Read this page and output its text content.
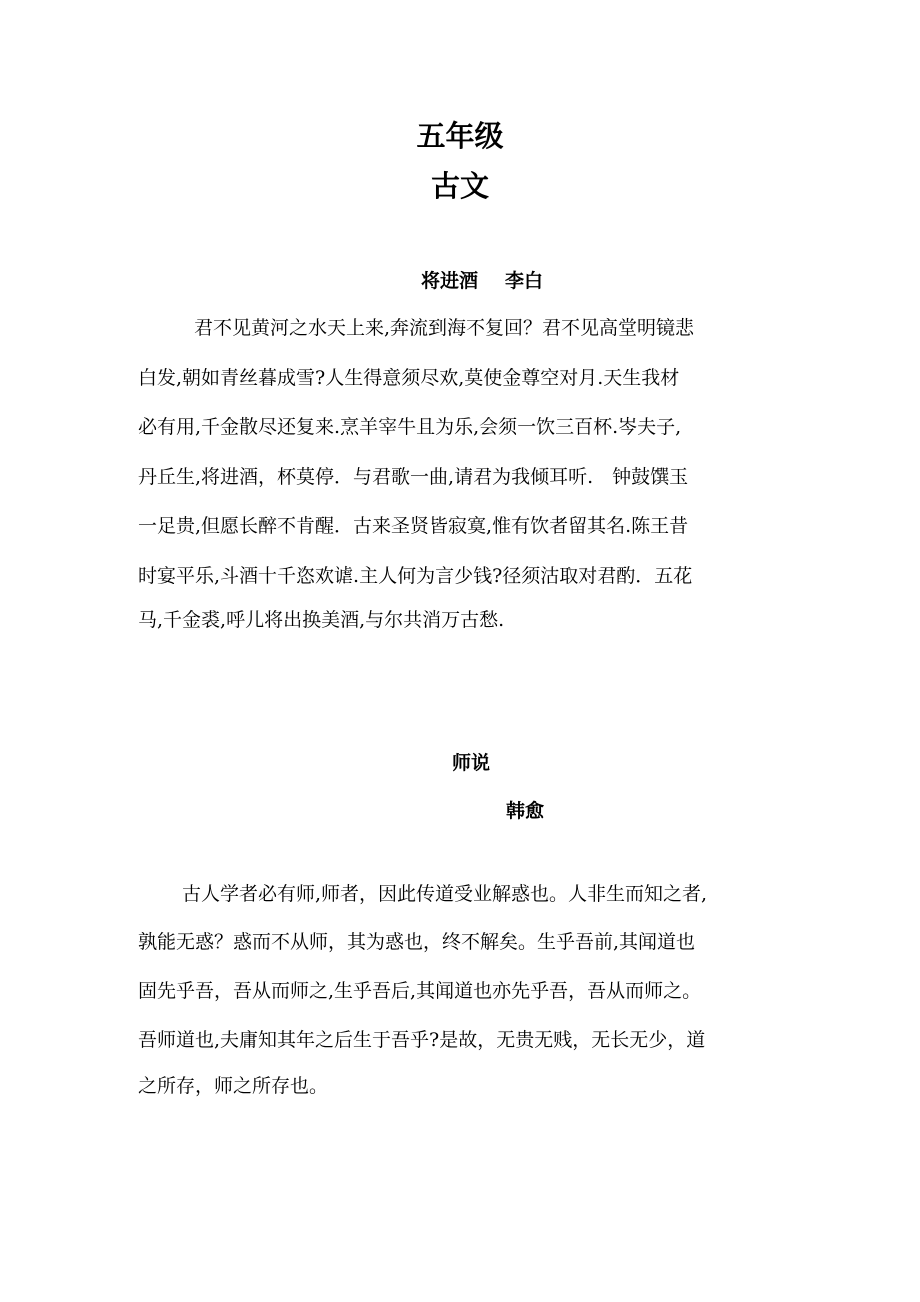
五年级
古文
将进酒 李白

君不见黄河之水天上来,奔流到海不复回？君不见高堂明镜悲

白发,朝如青丝暮成雪?人生得意须尽欢,莫使金尊空对月.天生我材

必有用,千金散尽还复来.烹羊宰牛且为乐,会须一饮三百杯.岑夫子,

丹丘生,将进酒，杯莫停．与君歌一曲,请君为我倾耳听.　钟鼓馔玉

一足贵,但愿长醉不肯醒．古来圣贤皆寂寞,惟有饮者留其名.陈王昔

时宴平乐,斗酒十千恣欢谑.主人何为言少钱?径须沽取对君酌．五花

马,千金裘,呼儿将出换美酒,与尔共消万古愁.

师说
韩愈

古人学者必有师,师者，因此传道受业解惑也。人非生而知之者,

孰能无惑？惑而不从师，其为惑也，终不解矣。生乎吾前,其闻道也

固先乎吾，吾从而师之,生乎吾后,其闻道也亦先乎吾，吾从而师之。

吾师道也,夫庸知其年之后生于吾乎?是故，无贵无贱，无长无少，道

之所存，师之所存也。
